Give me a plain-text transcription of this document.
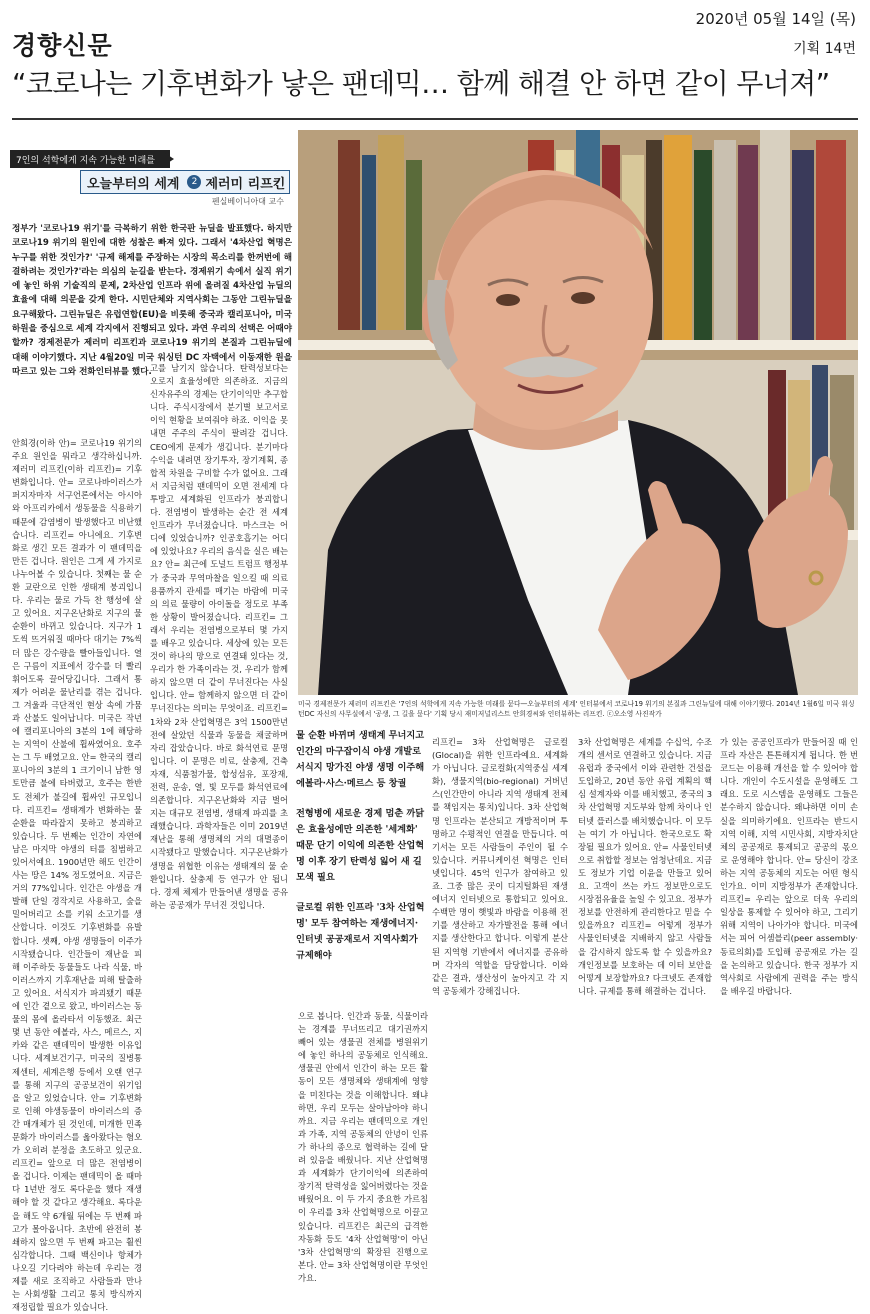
경향신문
2020년 05월 14일 (목)
기획 14면
“코로나는 기후변화가 낳은 팬데믹… 함께 해결 안 하면 같이 무너져”
7인의 석학에게 지속 가능한 미래를 묻다
오늘부터의 세계	2 제러미 리프킨
펜실베이니아대 교수
정부가 '코로나19 위기'를 극복하기 위한 한국판 뉴딜을 발표했다. 하지만 코로나19 위기의 원인에 대한 성찰은 빠져 있다. 그래서 '4차산업 혁명은 누구를 위한 것인가?' '규제 해제를 주장하는 시장의 목소리를 한꺼번에 해결하려는 것인가?'라는 의심의 눈길을 받는다. 경제위기 속에서 실직 위기에 놓인 하위 기술직의 문제, 2차산업 인프라 위에 올려질 4차산업 뉴딜의 효율에 대해 의문을 갖게 한다. 시민단체와 지역사회는 그동안 그린뉴딜을 요구해왔다. 그린뉴딜은 유럽연합(EU)을 비롯해 중국과 캘리포니아, 미국 하원을 중심으로 세계 각지에서 진행되고 있다. 과연 우리의 선택은 어때야 할까? 경제전문가 제러미 리프킨과 코로나19 위기의 본질과 그린뉴딜에 대해 이야기했다. 지난 4월20일 미국 워싱턴 DC 자택에서 이동재한 원을 따르고 있는 그와 전화인터뷰를 했다.
미국 경제전문가 제러미 리프킨은 '7인의 석학에게 지속 가능한 미래를 묻다—오늘부터의 세계' 인터뷰에서 코로나19 위기의 본질과 그린뉴딜에 대해 이야기했다. 2014년 1월6일 미국 워싱턴DC 자신의 사무실에서 '공생, 그 길을 묻다' 기획 당시 재미저널리스트 안희경씨와 인터뷰하는 리프킨. ⓒ오소영 사진작가

안희경(이하 안)= 코로나19 위기의 주요 원인을 뭐라고 생각하십니까. 제러미 리프킨(이하 리프킨)= 기후변화입니다. 안= 코로나바이러스가 퍼지자마자 서구언론에서는 아시아와 아프리카에서 생동물을 식용하기 때문에 감염병이 발생했다고 비난했습니다. 리프킨= 아니에요. 기후변화로 생긴 모든 결과가 이 팬데믹을 만든 겁니다. 원인은 그게 세 가지로 나누어볼 수 있습니다. 첫째는 물 순환 교란으로 인한 생태계 붕괴입니다. 우리는 물로 가득 찬 행성에 살고 있어요. 지구온난화로 지구의 물 순환이 바뀌고 있습니다. 지구가 1도씩 뜨거워질 때마다 대기는 7%씩 더 많은 강수량을 빨아들입니다. 열은 구름이 지표에서 강수를 더 빨리 휘어도록 끌어당깁니다. 그래서 통제가 어려운 물난리를 겪는 겁니다. 그 겨울과 극단적인 현상 속에 가뭄과 산불도 일어납니다. 미국은 작년에 캘리포니아의 3분의 1에 해당하는 지역이 산불에 휩싸였어요. 호주는 그 두 배였고요. 안= 한국의 캘리포니아의 3분의 1 크기이니 남한 영토만큼 불에 타버렸고, 호주는 한반도 전체가 불길에 휩싸인 규모입니다. 리프킨= 생태계가 변화하는 물 순환을 따라잡지 못하고 붕괴하고 있습니다. 두 번째는 인간이 자연에 남은 마지막 야생의 터를 침범하고 있어서예요. 1900년만 해도 인간이 사는 땅은 14% 정도였어요. 지금은 거의 77%입니다. 인간은 야생을 개발해 단일 경작지로 사용하고, 숲을 밀어버리고 소를 키워 소고기를 생산합니다. 이것도 기후변화를 유발합니다. 셋째, 야생 생명들이 이주가 시작됐습니다. 인간들이 재난을 피해 이주하듯 동물들도 나라 식물, 바이러스까지 기후재난을 피해 탈출하고 있어요. 서식지가 파괴됐기 때문에 인간 곁으로 왔고, 바이러스는 동물의 몸에 올라타서 이동했죠. 최근 몇 년 동안 에볼라, 사스, 메르스, 지카와 같은 팬데믹이 발생한 이유입니다. 세계보건기구, 미국의 질병통제센터, 세계은행 등에서 오랜 연구를 통해 지구의 공공보건이 위기임을 알고 있었습니다. 안= 기후변화로 인해 야생동물이 바이러스의 증간 매개체가 된 것인데, 미개한 민족문화가 바이러스를 옮아왔다는 혐오가 오히려 분정을 초도하고 있군요. 리프킨= 앞으로 더 많은 전염병이 올 겁니다. 이제는 팬데믹이 올 때마다 1년반 정도 록다운을 했다 재생해야 할 것 같다고 생각해요. 록다운을 해도 약 6개월 뒤에는 두 번째 파고가 몰아옵니다. 초반에 완전히 봉쇄하지 않으면 두 번째 파고는 훨씬 심각합니다. 그때 백신이나 항체가 나오길 기다려야 하는데 우리는 경제를 새로 조직하고 사람들과 만나는 사회생활 그리고 통치 방식까지 재정립할 필요가 있습니다.

고를 남기지 않습니다. 탄력성보다는 오로지 효율성에만 의존하죠. 지금의 신자유주의 경제는 단기이익만 추구합니다. 주식시장에서 분기별 보고서로 이익 현황을 보여줘야 하죠. 이익을 못 내면 주주의 주식이 팔려갈 겁니다. CEO에게 문제가 생깁니다. 분기마다 수익을 내려면 장기투자, 장기계획, 종합적 차원을 구비할 수가 없어요. 그래서 지금처럼 팬데믹이 오면 전세계 다투방고 세계화된 인프라가 붕괴합니다. 전염병이 발생하는 순간 전 세계 인프라가 무너졌습니다. 마스크는 어디에 있었습니까? 인공호흡기는 어디에 있었나요? 우리의 음식을 실은 배는요? 안= 최근에 도널드 트럼프 행정부가 중국과 무역마찰을 일으킬 때 의료용품까지 관세를 매기는 바람에 미국의 의료 물량이 아이돌을 정도로 부족한 상황이 발어졌습니다. 리프킨= 그래서 우리는 전염병으로부터 몇 가지를 배우고 있습니다. 세상에 있는 모든 것이 하나의 망으로 연결돼 있다는 것, 우리가 한 가족이라는 것, 우리가 함께하지 않으면 더 같이 무너진다는 사실입니다. 안= 함께하지 않으면 더 같이 무너진다는 의미는 무엇이죠. 리프킨= 1차와 2차 산업혁명은 3억 1500만년 전에 살았던 식물과 동물을 채굴하며 자리 잡았습니다. 바로 화석연료 문명입니다. 이 문명은 비료, 살충제, 건축자재, 식품첨가물, 합성섬유, 포장재, 전력, 운송, 열, 빛 모두를 화석연료에 의존합니다. 지구온난화와 지금 벌어지는 대규모 전염병, 생태계 파괴를 초래했습니다. 과학자들은 이미 2019년 재난을 통해 생명체의 거의 대멸종이 시작됐다고 말했습니다. 지구온난화가 생명을 위협한 이유는 생태계의 물 순환입니다. 살충제 등 연구가 안 됩니다. 경제 체제가 만들어낸 생명을 공유하는 공공재가 무너진 것입니다.

물 순환 바뀌며 생태계 무너지고 인간의 마구잡이식 야생 개발로 서식지 망가진 야생 생명 이주해 에볼라·사스·메르스 등 창궐

전형병에 새로운 경제 멈춘 까닭은 효율성에만 의존한 '세계화' 때문 단기 이익에 의존한 산업혁명 이후 장기 탄력성 잃어 새 길 모색 필요

글로컬 위한 인프라 '3차 산업혁명' 모두 참여하는 재생에너지·인터넷 공공재로서 지역사회가 규제해야

으로 봅니다. 인간과 동물, 식물이라는 경계를 무너뜨리고 대기권까지 빼어 있는 생물권 전체를 병원위기에 놓인 하나의 공동체로 인식해요. 생물권 안에서 인간이 하는 모든 활동이 모든 생명체와 생태계에 영향을 미친다는 것을 이해합니다. 왜냐하면, 우리 모두는 살아남아야 하니까요. 지금 우리는 팬데믹으로 개인과 가족, 지역 공동체의 안녕이 인류가 하나의 종으로 협력하는 길에 달려 있음을 배웠니다. 지난 산업혁명과 세계화가 단기이익에 의존하여 장기적 탄력성을 잃어버렸다는 것을 배웠어요. 이 두 가지 중요한 가르침이 우리를 3차 산업혁명으로 이끌고 있습니다. 리프킨은 최근의 급격한 자동화 등도 '4차 산업혁명'이 아닌 '3차 산업혁명'의 확장된 진행으로 본다. 안= 3차 산업혁명이란 무엇인가요.

리프킨= 3차 산업혁명은 글로컬(Glocal)을 위한 인프라예요. 세계화가 아닙니다. 글로컬화(지역중심 세계화), 생물지역(bio-regional) 거버넌스(인간만이 아니라 지역 생태계 전체를 책임지는 통치)입니다. 3차 산업혁명 인프라는 분산되고 개방적이며 투명하고 수평적인 연결을 만듭니다. 여기서는 모든 사람들이 주인이 될 수 있습니다. 커뮤니케이션 혁명은 인터넷입니다. 45억 인구가 참여하고 있죠. 그중 많은 곳이 디지털화된 재생에너지 인터넷으로 통합되고 있어요. 수백만 명이 햇빛과 바람을 이용해 전기를 생산하고 자가발전을 통해 에너지를 생산한다고 합니다. 이렇게 분산된 지역형 기반에서 에너지를 공유하며 각자의 역할을 담당합니다. 이와 같은 결과, 생산성이 높아지고 각 지역 공동체가 강해집니다.

3차 산업혁명은 세계를 수십억, 수조개의 센서로 연결하고 있습니다. 지금 유럽과 중국에서 이와 관련한 건설을 도입하고, 20년 동안 유럽 계획의 핵심 설계자와 이를 배치했고, 중국의 3차 산업혁명 지도부와 함께 차이나 인터넷 플러스를 배치했습니다. 이 모두는 여기 가 아닙니다. 한국으로도 확장될 필요가 있어요. 안= 사물인터넷으로 취합할 정보는 엄청난데요. 지금도 정보가 기업 이윤을 만들고 있어요. 고객이 쓰는 카드 정보만으로도 시장점유율을 높일 수 있고요. 정부가 정보를 안전하게 관리한다고 믿을 수 있을까요? 리프킨= 어렇게 정부가 사물인터넷을 지배하지 않고 사람들을 감시하지 않도록 할 수 있을까요? 개인정보를 보호하는 데 이터 보안을 어떻게 보장할까요? 다크넷도 존재합니다. 규제를 통해 해결하는 겁니다.

가 있는 공공인프라가 만들어질 때 인프라 자산은 튼튼해지게 됩니다. 한 번 코드는 이용해 개선을 할 수 있어야 합니다. 개인이 수도시설을 운영해도 그래요. 도로 시스템을 운영해도 그들은 분수하지 않습니다. 왜냐하면 이미 손실을 의미하기에요. 인프라는 반드시 지역 이해, 지역 시민사회, 지방자치단체의 공공재로 통제되고 공공의 몫으로 운영해야 합니다. 안= 당신이 강조하는 지역 공동체의 지도는 어떤 형식인가요. 이미 지방정부가 존재합니다. 리프킨= 우리는 앞으로 더욱 우리의 일상을 통제할 수 있어야 하고, 그리기 위해 지역이 나아가야 합니다. 미국에서는 피어 어셈블리(peer assembly·동료의회)를 도입해 공공재로 가는 길을 논의하고 있습니다. 한국 정부가 지역사회로 사람에게 권력을 주는 방식을 배우길 바랍니다.
